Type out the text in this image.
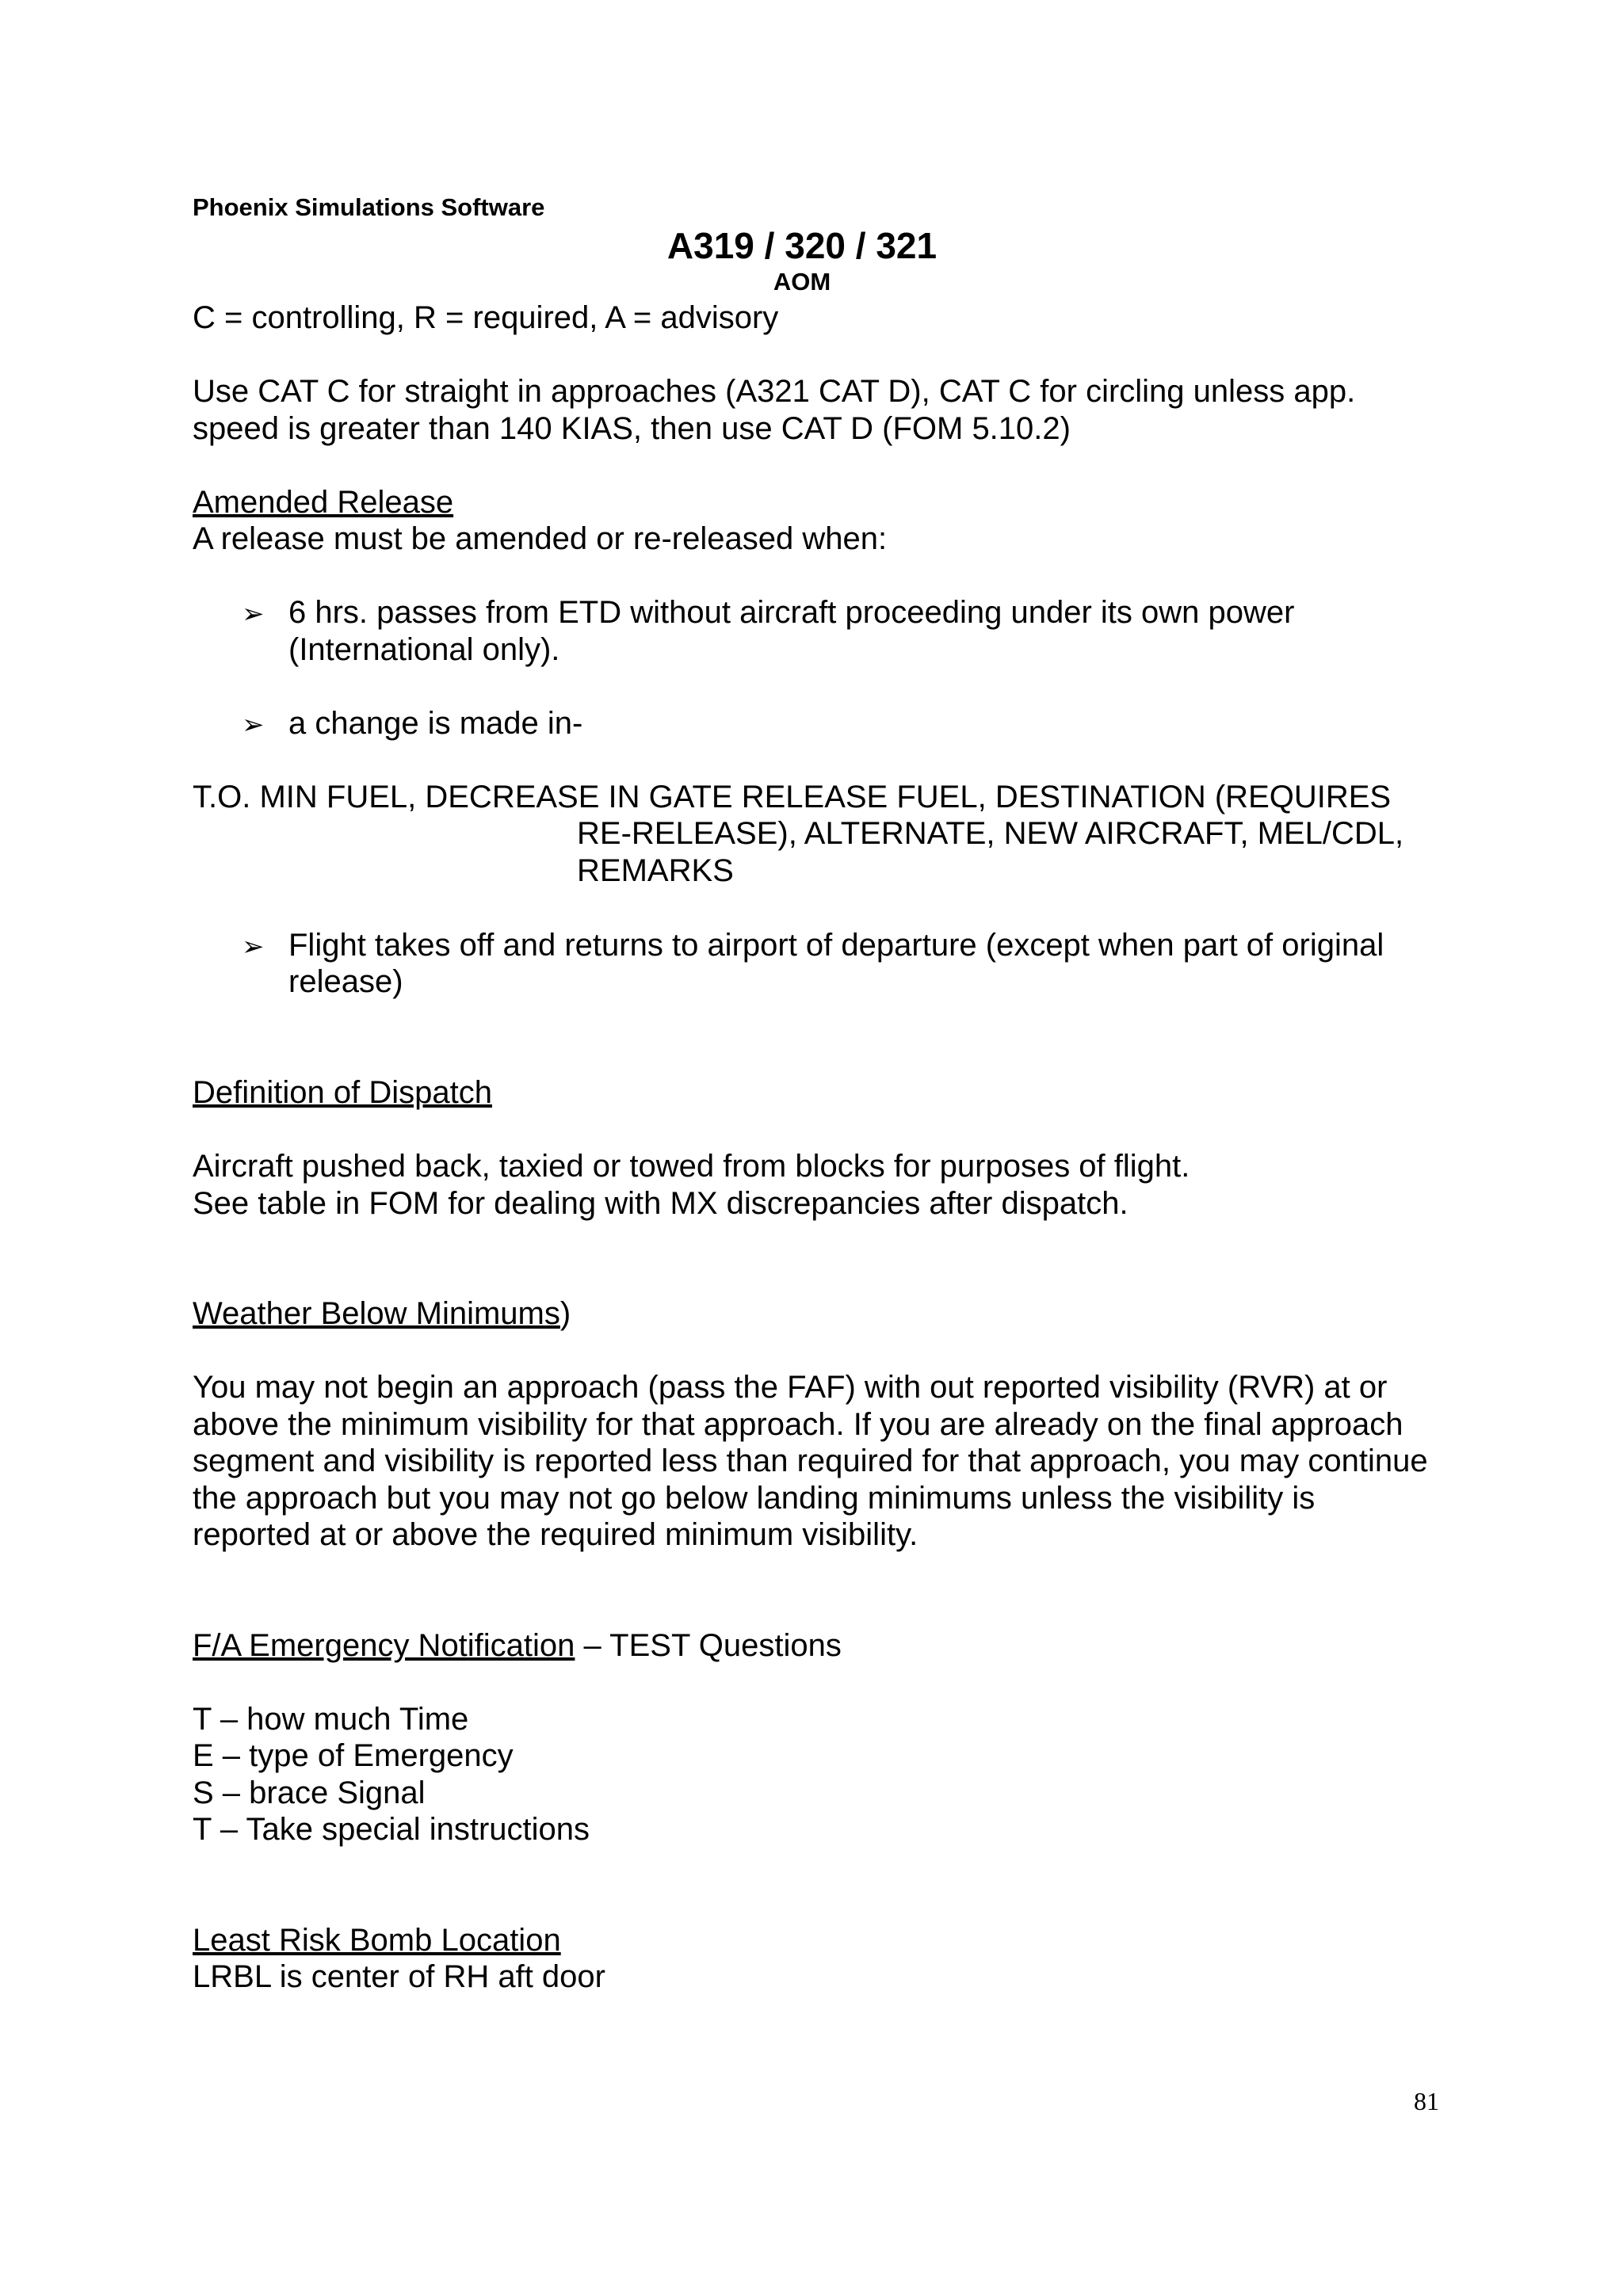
Phoenix Simulations Software
A319 / 320 / 321
AOM
C = controlling, R = required, A = advisory
Use CAT C for straight in approaches (A321 CAT D), CAT C for circling unless app.
speed is greater than 140 KIAS, then use CAT D (FOM 5.10.2)
Amended Release
A release must be amended or re-released when:
➢ 6 hrs. passes from ETD without aircraft proceeding under its own power
(International only).
➢ a change is made in-
T.O. MIN FUEL, DECREASE IN GATE RELEASE FUEL, DESTINATION (REQUIRES
RE-RELEASE), ALTERNATE, NEW AIRCRAFT, MEL/CDL,
REMARKS
➢ Flight takes off and returns to airport of departure (except when part of original
release)
Definition of Dispatch
Aircraft pushed back, taxied or towed from blocks for purposes of flight.
See table in FOM for dealing with MX discrepancies after dispatch.
Weather Below Minimums)
You may not begin an approach (pass the FAF) with out reported visibility (RVR) at or
above the minimum visibility for that approach. If you are already on the final approach
segment and visibility is reported less than required for that approach, you may continue
the approach but you may not go below landing minimums unless the visibility is
reported at or above the required minimum visibility.
F/A Emergency Notification – TEST Questions
T – how much Time
E – type of Emergency
S – brace Signal
T – Take special instructions
Least Risk Bomb Location
LRBL is center of RH aft door
81
